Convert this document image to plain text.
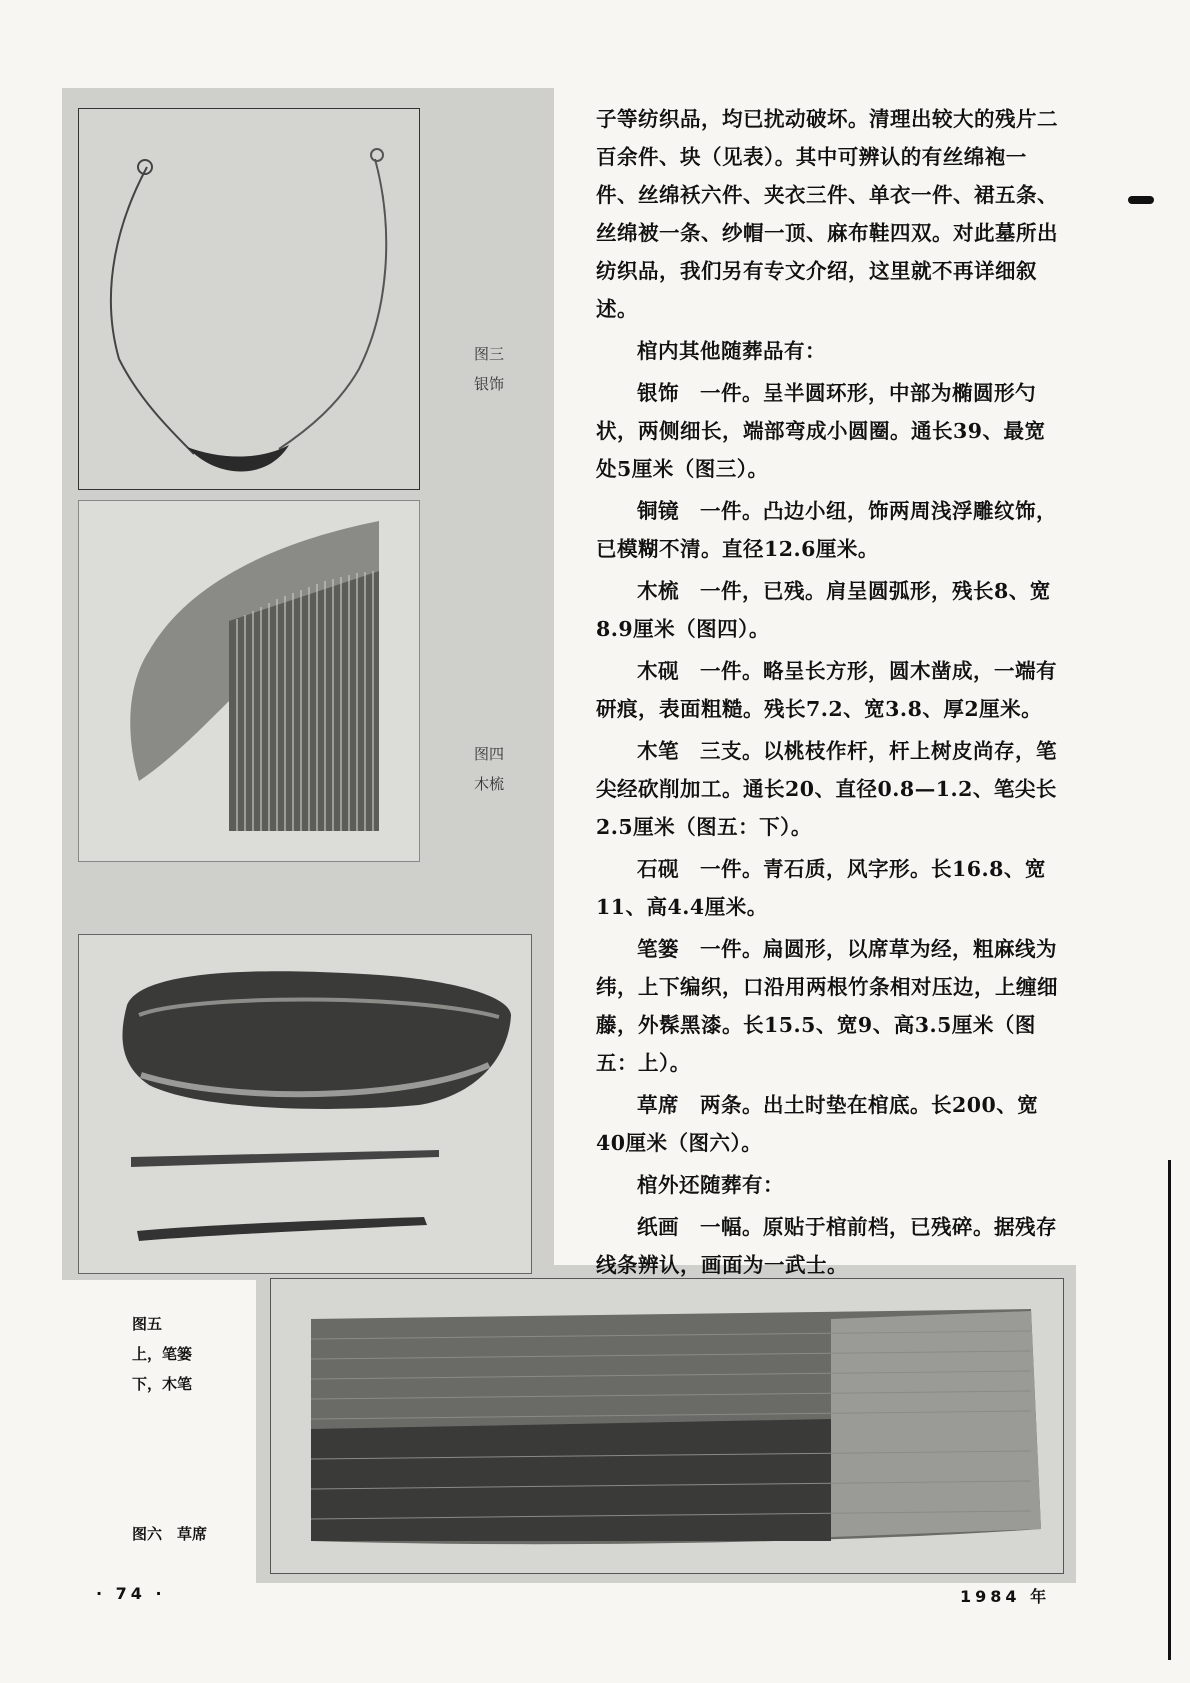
图三
银饰
图四
木梳
图五
上，笔篓
下，木笔
图六　草席

子等纺织品，均已扰动破坏。清理出较大的残片二百余件、块（见表）。其中可辨认的有丝绵袍一件、丝绵袄六件、夹衣三件、单衣一件、裙五条、丝绵被一条、纱帽一顶、麻布鞋四双。对此墓所出纺织品，我们另有专文介绍，这里就不再详细叙述。

棺内其他随葬品有：

银饰　一件。呈半圆环形，中部为椭圆形勺状，两侧细长，端部弯成小圆圈。通长39、最宽处5厘米（图三）。

铜镜　一件。凸边小纽，饰两周浅浮雕纹饰，已模糊不清。直径12.6厘米。

木梳　一件，已残。肩呈圆弧形，残长8、宽8.9厘米（图四）。

木砚　一件。略呈长方形，圆木凿成，一端有研痕，表面粗糙。残长7.2、宽3.8、厚2厘米。

木笔　三支。以桃枝作杆，杆上树皮尚存，笔尖经砍削加工。通长20、直径0.8—1.2、笔尖长2.5厘米（图五：下）。

石砚　一件。青石质，风字形。长16.8、宽11、高4.4厘米。

笔篓　一件。扁圆形，以席草为经，粗麻线为纬，上下编织，口沿用两根竹条相对压边，上缠细藤，外髹黑漆。长15.5、宽9、高3.5厘米（图五：上）。

草席　两条。出土时垫在棺底。长200、宽40厘米（图六）。

棺外还随葬有：

纸画　一幅。原贴于棺前档，已残碎。据残存线条辨认，画面为一武士。

· 74 ·	1984 年
